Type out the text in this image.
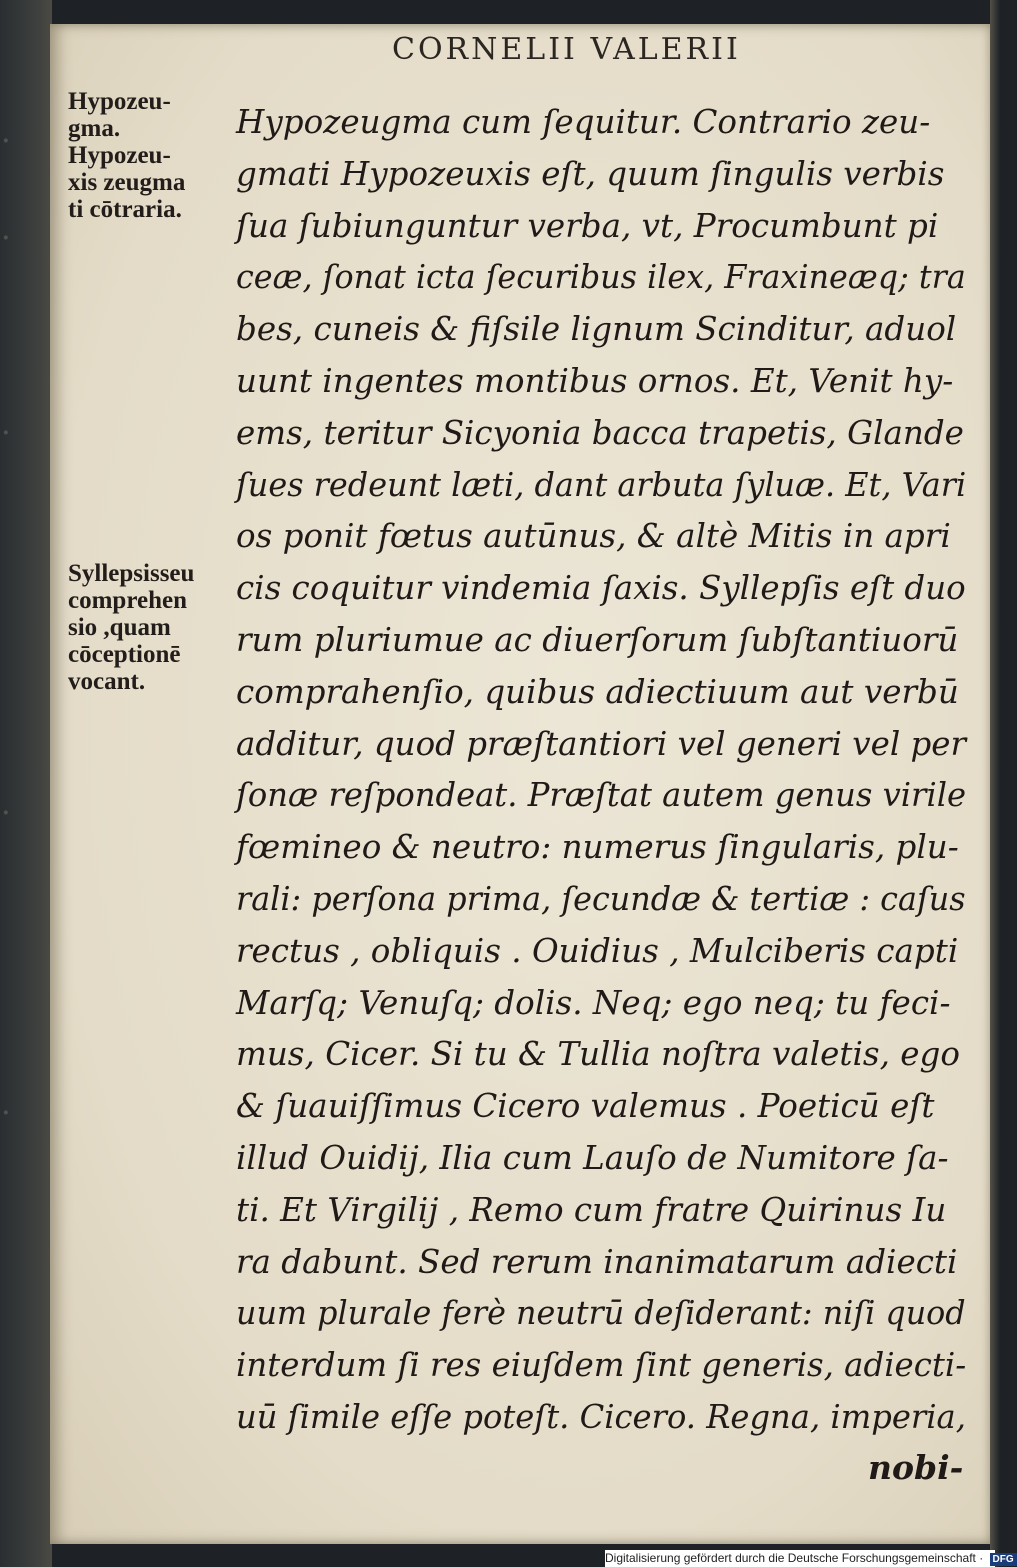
·
·
·
·
·
CORNELII VALERII
Hypozeu-
gma.
Hypozeu-
xis zeugma
ti cōtraria.
Syllepsisseu
comprehen
sio ,quam
cōceptionē
vocant.
Hypozeugma cum ſequitur. Contrario zeu-
gmati Hypozeuxis eſt, quum ſingulis verbis
ſua ſubiunguntur verba, vt, Procumbunt pi
ceæ, ſonat icta ſecuribus ilex, Fraxineæq; tra
bes, cuneis & fiſsile lignum Scinditur, aduol
uunt ingentes montibus ornos. Et, Venit hy-
ems, teritur Sicyonia bacca trapetis, Glande
ſues redeunt læti, dant arbuta ſyluæ. Et, Vari
os ponit fœtus autūnus, & altè Mitis in apri
cis coquitur vindemia ſaxis. Syllepſis eſt duo
rum pluriumue ac diuerſorum ſubſtantiuorū
comprahenſio, quibus adiectiuum aut verbū
additur, quod præſtantiori vel generi vel per
ſonæ reſpondeat. Præſtat autem genus virile
fœmineo & neutro: numerus ſingularis, plu-
rali: perſona prima, ſecundæ & tertiæ : caſus
rectus , obliquis . Ouidius , Mulciberis capti
Marſq; Venuſq; dolis. Neq; ego neq; tu feci-
mus, Cicer. Si tu & Tullia noſtra valetis, ego
& ſuauiſſimus Cicero valemus . Poeticū eſt
illud Ouidij, Ilia cum Lauſo de Numitore ſa-
ti. Et Virgilij , Remo cum fratre Quirinus Iu
ra dabunt. Sed rerum inanimatarum adiecti
uum plurale ferè neutrū deſiderant: niſi quod
interdum ſi res eiuſdem ſint generis, adiecti-
uū ſimile eſſe poteſt. Cicero. Regna, imperia,
nobi-
Digitalisierung gefördert durch die Deutsche Forschungsgemeinschaft · DFG
